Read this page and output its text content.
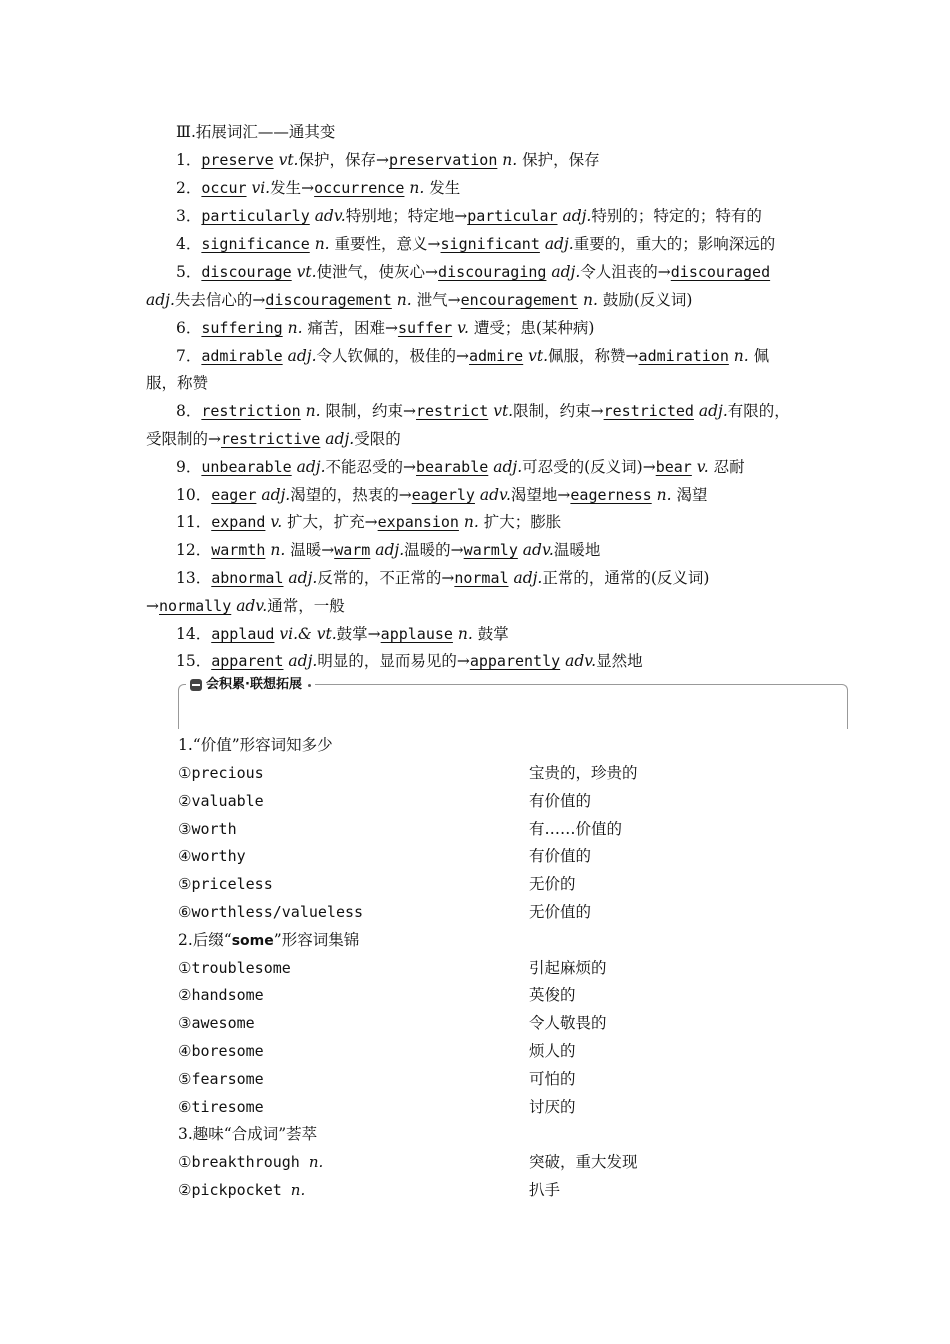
Ⅲ.拓展词汇——通其变
1．preserve vt.保护，保存→preservation n. 保护，保存
2．occur vi.发生→occurrence n. 发生
3．particularly adv.特别地；特定地→particular adj.特别的；特定的；特有的
4．significance n. 重要性，意义→significant adj.重要的，重大的；影响深远的
5．discourage vt.使泄气，使灰心→discouraging adj.令人沮丧的→discouraged
adj.失去信心的→discouragement n. 泄气→encouragement n. 鼓励(反义词)
6．suffering n. 痛苦，困难→suffer v. 遭受；患(某种病)
7．admirable adj.令人钦佩的，极佳的→admire vt.佩服，称赞→admiration n. 佩
服，称赞
8．restriction n. 限制，约束→restrict vt.限制，约束→restricted adj.有限的，
受限制的→restrictive adj.受限的
9．unbearable adj.不能忍受的→bearable adj.可忍受的(反义词)→bear v. 忍耐
10．eager adj.渴望的，热衷的→eagerly adv.渴望地→eagerness n. 渴望
11．expand v. 扩大，扩充→expansion n. 扩大；膨胀
12．warmth n. 温暖→warm adj.温暖的→warmly adv.温暖地
13．abnormal adj.反常的，不正常的→normal adj.正常的，通常的(反义词)
→normally adv.通常，一般
14．applaud vi.& vt.鼓掌→applause n. 鼓掌
15．apparent adj.明显的，显而易见的→apparently adv.显然地
会积累·联想拓展
1.“价值”形容词知多少
①precious	宝贵的，珍贵的
②valuable	有价值的
③worth	有……价值的
④worthy	有价值的
⑤priceless	无价的
⑥worthless/valueless	无价值的
2.后缀“some”形容词集锦
①troublesome	引起麻烦的
②handsome	英俊的
③awesome	令人敬畏的
④boresome	烦人的
⑤fearsome	可怕的
⑥tiresome	讨厌的
3.趣味“合成词”荟萃
①breakthrough n.	突破，重大发现
②pickpocket n.	扒手
